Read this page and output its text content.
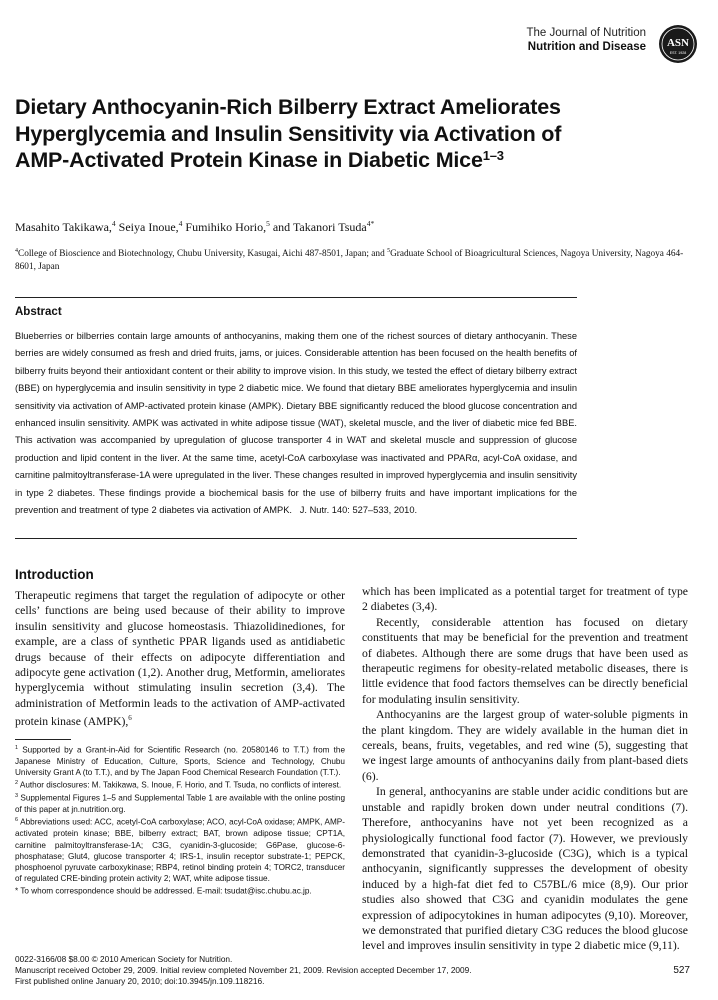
The Journal of Nutrition
Nutrition and Disease ASN
EST. 1928
Dietary Anthocyanin-Rich Bilberry Extract Ameliorates Hyperglycemia and Insulin Sensitivity via Activation of AMP-Activated Protein Kinase in Diabetic Mice$^{1-3}$
Masahito Takikawa,$^4$ Seiya Inoue,$^4$ Fumihiko Horio,$^5$ and Takanori Tsuda$^{4*}$
$^4$College of Bioscience and Biotechnology, Chubu University, Kasugai, Aichi 487-8501, Japan; and $^5$Graduate School of Bioagricultural Sciences, Nagoya University, Nagoya 464-8601, Japan
Abstract

Blueberries or bilberries contain large amounts of anthocyanins, making them one of the richest sources of dietary anthocyanin. These berries are widely consumed as fresh and dried fruits, jams, or juices. Considerable attention has been focused on the health benefits of bilberry fruits beyond their antioxidant content or their ability to improve vision. In this study, we tested the effect of dietary bilberry extract (BBE) on hyperglycemia and insulin sensitivity in type 2 diabetic mice. We found that dietary BBE ameliorates hyperglycemia and insulin sensitivity via activation of AMP-activated protein kinase (AMPK). Dietary BBE significantly reduced the blood glucose concentration and enhanced insulin sensitivity. AMPK was activated in white adipose tissue (WAT), skeletal muscle, and the liver of diabetic mice fed BBE. This activation was accompanied by upregulation of glucose transporter 4 in WAT and skeletal muscle and suppression of glucose production and lipid content in the liver. At the same time, acetyl-CoA carboxylase was inactivated and PPARα, acyl-CoA oxidase, and carnitine palmitoyltransferase-1A were upregulated in the liver. These changes resulted in improved hyperglycemia and insulin sensitivity in type 2 diabetes. These findings provide a biochemical basis for the use of bilberry fruits and have important implications for the prevention and treatment of type 2 diabetes via activation of AMPK. J. Nutr. 140: 527–533, 2010.

Introduction

Therapeutic regimens that target the regulation of adipocyte or other cells’ functions are being used because of their ability to improve insulin sensitivity and glucose homeostasis. Thiazolidinediones, for example, are a class of synthetic PPAR ligands used as antidiabetic drugs because of their effects on adipocyte differentiation and adipocyte gene activation (1,2). Another drug, Metformin, ameliorates hyperglycemia without stimulating insulin secretion (3,4). The administration of Metformin leads to the activation of AMP-activated protein kinase (AMPK),$^6$

which has been implicated as a potential target for treatment of type 2 diabetes (3,4).

Recently, considerable attention has focused on dietary constituents that may be beneficial for the prevention and treatment of diabetes. Although there are some drugs that have been used as therapeutic regimens for obesity-related metabolic diseases, there is little evidence that food factors themselves can be directly beneficial for modulating insulin sensitivity.

Anthocyanins are the largest group of water-soluble pigments in the plant kingdom. They are widely available in the human diet in cereals, beans, fruits, vegetables, and red wine (5), suggesting that we ingest large amounts of anthocyanins daily from plant-based diets (6).

In general, anthocyanins are stable under acidic conditions but are unstable and rapidly broken down under neutral conditions (7). Therefore, anthocyanins have not yet been recognized as a physiologically functional food factor (7). However, we previously demonstrated that cyanidin-3-glucoside (C3G), which is a typical anthocyanin, significantly suppresses the development of obesity induced by a high-fat diet fed to C57BL/6 mice (8,9). Our prior studies also showed that C3G and cyanidin modulates the gene expression of adipocytokines in human adipocytes (9,10). Moreover, we demonstrated that purified dietary C3G reduces the blood glucose level and improves insulin sensitivity in type 2 diabetic mice (9,11).

$^1$ Supported by a Grant-in-Aid for Scientific Research (no. 20580146 to T.T.) from the Japanese Ministry of Education, Culture, Sports, Science and Technology, Chubu University Grant A (to T.T.), and by The Japan Food Chemical Research Foundation (T.T.).

$^2$ Author disclosures: M. Takikawa, S. Inoue, F. Horio, and T. Tsuda, no conflicts of interest.

$^3$ Supplemental Figures 1–5 and Supplemental Table 1 are available with the online posting of this paper at jn.nutrition.org.

$^6$ Abbreviations used: ACC, acetyl-CoA carboxylase; ACO, acyl-CoA oxidase; AMPK, AMP-activated protein kinase; BBE, bilberry extract; BAT, brown adipose tissue; CPT1A, carnitine palmitoyltransferase-1A; C3G, cyanidin-3-glucoside; G6Pase, glucose-6-phosphatase; Glut4, glucose transporter 4; IRS-1, insulin receptor substrate-1; PEPCK, phosphoenol pyruvate carboxykinase; RBP4, retinol binding protein 4; TORC2, transducer of regulated CRE-binding protein activity 2; WAT, white adipose tissue.

* To whom correspondence should be addressed. E-mail: tsudat@isc.chubu.ac.jp.

0022-3166/08 $8.00 © 2010 American Society for Nutrition.
Manuscript received October 29, 2009. Initial review completed November 21, 2009. Revision accepted December 17, 2009.
First published online January 20, 2010; doi:10.3945/jn.109.118216.
527
